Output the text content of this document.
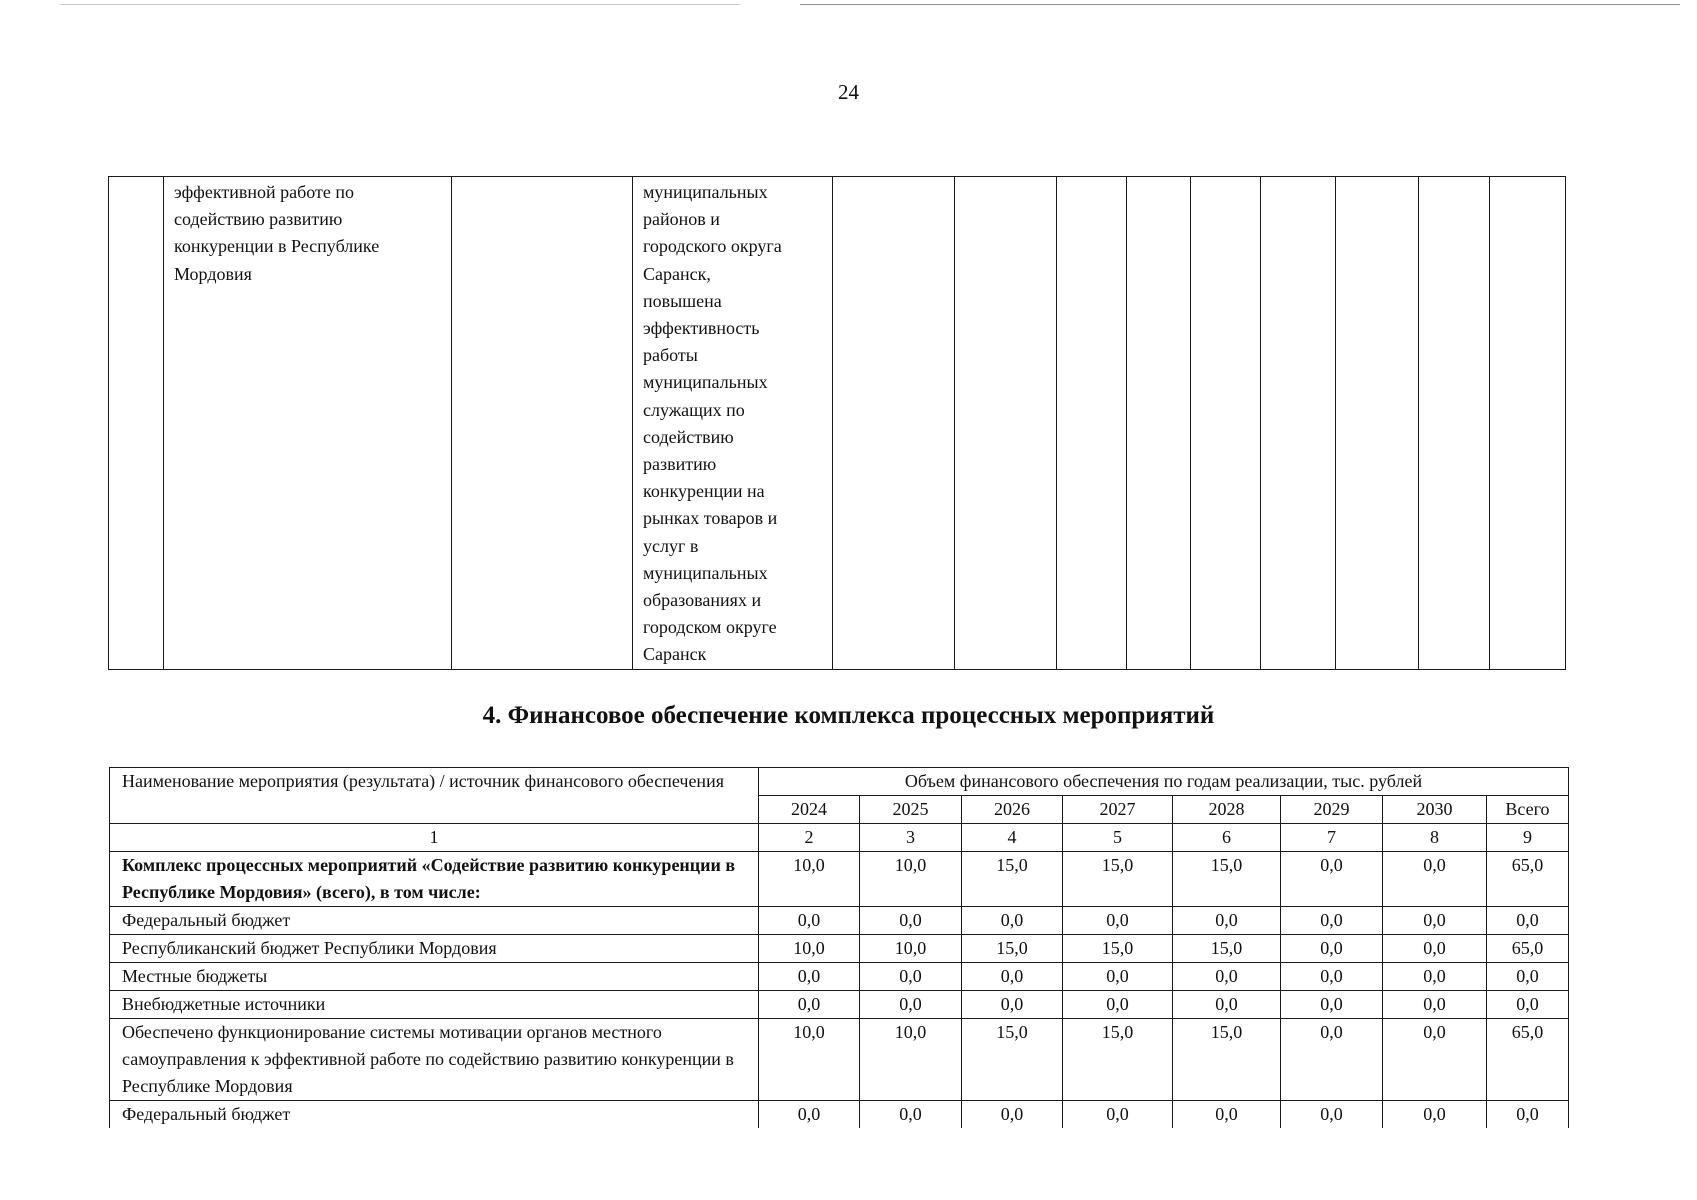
24

эффективной работе по
содействию развитию
конкуренции в Республике
Мордовия

муниципальных
районов и
городского округа
Саранск,
повышена
эффективность
работы
муниципальных
служащих по
содействию
развитию
конкуренции на
рынках товаров и
услуг в
муниципальных
образованиях и
городском округе
Саранск

4. Финансовое обеспечение комплекса процессных мероприятий
Наименование мероприятия (результата) / источник финансового обеспечения	Объем финансового обеспечения по годам реализации, тыс. рублей							
	2024	2025	2026	2027	2028	2029	2030	Всего
1	2	3	4	5	6	7	8	9
Комплекс процессных мероприятий «Содействие развитию конкуренции в Республике Мордовия» (всего), в том числе:	10,0	10,0	15,0	15,0	15,0	0,0	0,0	65,0
Федеральный бюджет	0,0	0,0	0,0	0,0	0,0	0,0	0,0	0,0
Республиканский бюджет Республики Мордовия	10,0	10,0	15,0	15,0	15,0	0,0	0,0	65,0
Местные бюджеты	0,0	0,0	0,0	0,0	0,0	0,0	0,0	0,0
Внебюджетные источники	0,0	0,0	0,0	0,0	0,0	0,0	0,0	0,0
Обеспечено функционирование системы мотивации органов местного самоуправления к эффективной работе по содействию развитию конкуренции в Республике Мордовия	10,0	10,0	15,0	15,0	15,0	0,0	0,0	65,0
Федеральный бюджет	0,0	0,0	0,0	0,0	0,0	0,0	0,0	0,0
